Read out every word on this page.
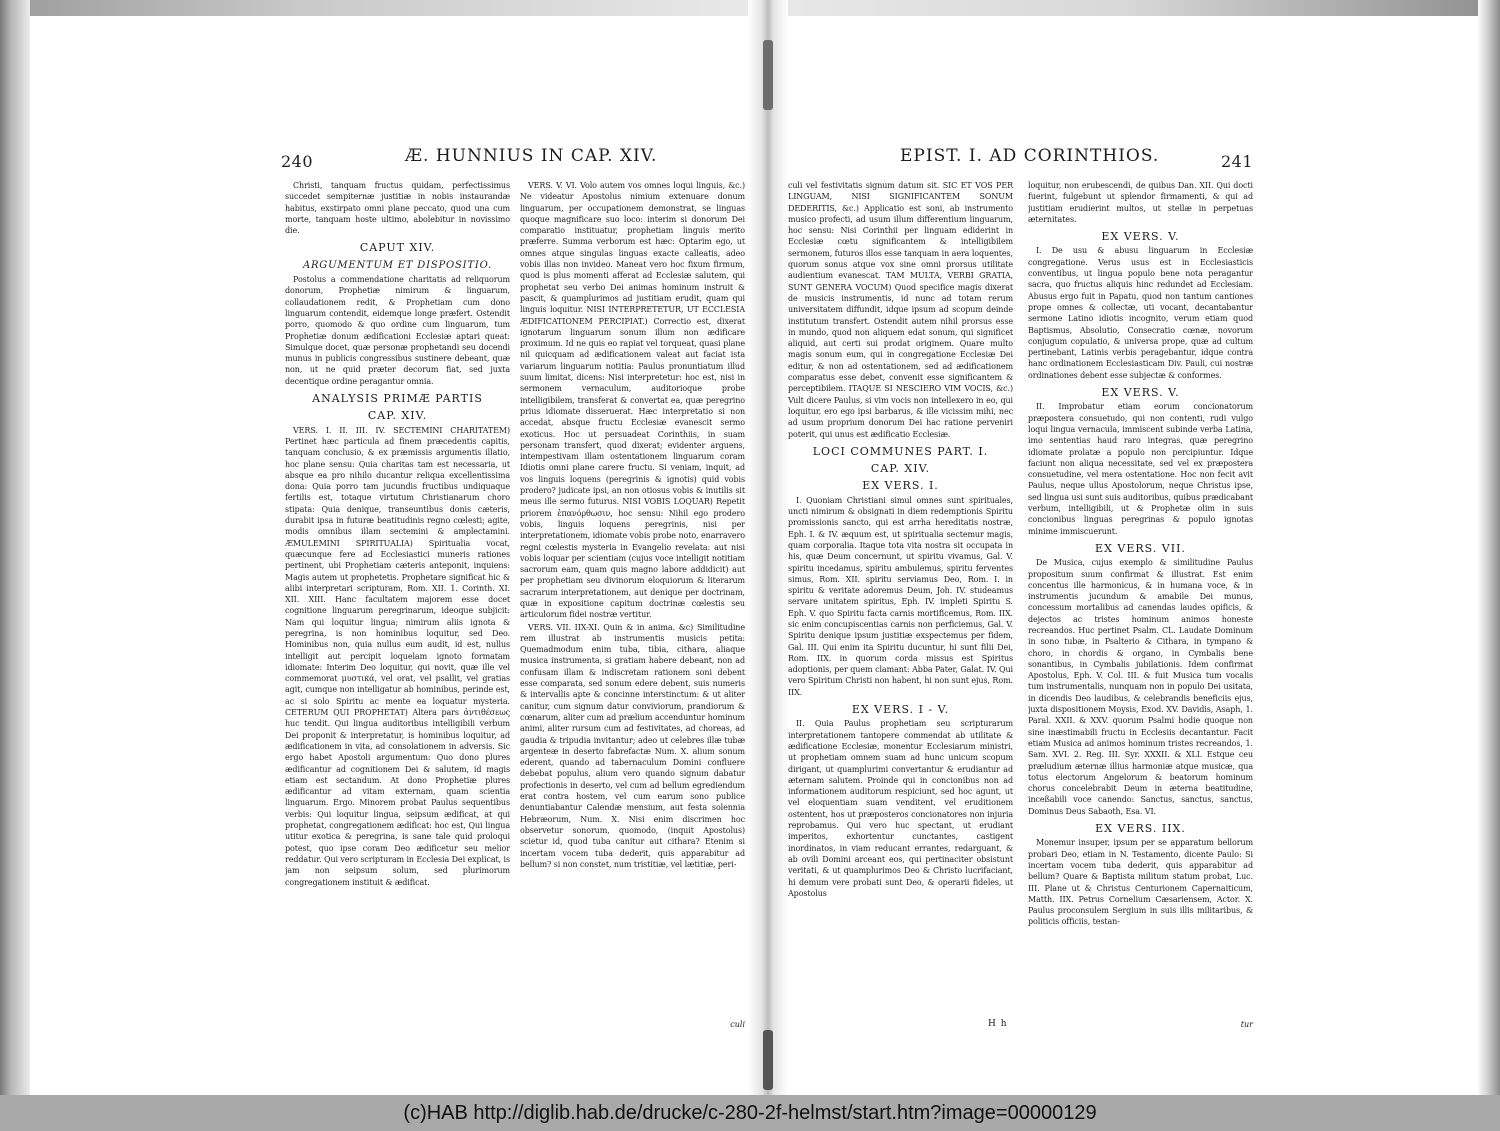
240	Æ. HUNNIUS IN CAP. XIV.

Christi, tanquam fructus quidam, perfectissimus succedet sempiternæ justitiæ in nobis instaurandæ habitus, exstirpato omni plane peccato, quod una cum morte, tanquam hoste ultimo, abolebitur in novissimo die.

CAPUT XIV.
ARGUMENTUM ET DISPOSITIO.

Postolus a commendatione charitatis ad reliquorum donorum, Prophetiæ nimirum & linguarum, collaudationem redit, & Prophetiam cum dono linguarum contendit, eidemque longe præfert. Ostendit porro, quomodo & quo ordine cum linguarum, tum Prophetiæ donum ædificationi Ecclesiæ aptari queat: Simulque docet, quæ personæ prophetandi seu docendi munus in publicis congressibus sustinere debeant, quæ non, ut ne quid præter decorum fiat, sed juxta decentique ordine peragantur omnia.

ANALYSIS PRIMÆ PARTIS
CAP. XIV.

VERS. I. II. III. IV. SECTEMINI CHARITATEM) Pertinet hæc particula ad finem præcedentis capitis, tanquam conclusio, & ex præmissis argumentis illatio, hoc plane sensu: Quia charitas tam est necessaria, ut absque ea pro nihilo ducantur reliqua excellentissima dona: Quia porro tam jucundis fructibus undiquaque fertilis est, totaque virtutum Christianarum choro stipata: Quia denique, transeuntibus donis cæteris, durabit ipsa in futuræ beatitudinis regno cœlesti; agite, modis omnibus illam sectemini & amplectamini. ÆMULEMINI SPIRITUALIA) Spiritualia vocat, quæcunque fere ad Ecclesiastici muneris rationes pertinent, ubi Prophetiam cæteris anteponit, inquiens: Magis autem ut prophetetis. Prophetare significat hic & alibi interpretari scripturam, Rom. XII. 1. Corinth. XI. XII. XIII. Hanc facultatem majorem esse docet cognitione linguarum peregrinarum, ideoque subjicit: Nam qui loquitur lingua; nimirum aliis ignota & peregrina, is non hominibus loquitur, sed Deo. Hominibus non, quia nullus eum audit, id est, nullus intelligit aut percipit loquelam ignoto formatam idiomate: Interim Deo loquitur, qui novit, quæ ille vel commemorat μυστικά, vel orat, vel psallit, vel gratias agit, cumque non intelligatur ab hominibus, perinde est, ac si solo Spiritu ac mente ea loquatur mysteria. CETERUM QUI PROPHETAT) Altera pars ἀντιθέσεως huc tendit. Qui lingua auditoribus intelligibili verbum Dei proponit & interpretatur, is hominibus loquitur, ad ædificationem in vita, ad consolationem in adversis. Sic ergo habet Apostoli argumentum: Quo dono plures ædificantur ad cognitionem Dei & salutem, id magis etiam est sectandum. At dono Prophetiæ plures ædificantur ad vitam externam, quam scientia linguarum. Ergo. Minorem probat Paulus sequentibus verbis: Qui loquitur lingua, seipsum ædificat, at qui prophetat, congregationem ædificat: hoc est, Qui lingua utitur exotica & peregrina, is sane tale quid proloqui potest, quo ipse coram Deo ædificetur seu melior reddatur. Qui vero scripturam in Ecclesia Dei explicat, is jam non seipsum solum, sed plurimorum congregationem instituit & ædificat.

VERS. V. VI. Volo autem vos omnes loqui linguis, &c.) Ne videatur Apostolus nimium extenuare donum linguarum, per occupationem demonstrat, se linguas quoque magnificare suo loco: interim si donorum Dei comparatio instituatur, prophetiam linguis merito præferre. Summa verborum est hæc: Optarim ego, ut omnes atque singulas linguas exacte calleatis, adeo vobis illas non invideo. Maneat vero hoc fixum firmum, quod is plus momenti afferat ad Ecclesiæ salutem, qui prophetat seu verbo Dei animas hominum instruit & pascit, & quamplurimos ad justitiam erudit, quam qui linguis loquitur. NISI INTERPRETETUR, UT ECCLESIA ÆDIFICATIONEM PERCIPIAT.) Correctio est, dixerat ignotarum linguarum sonum illum non ædificare proximum. Id ne quis eo rapiat vel torqueat, quasi plane nil quicquam ad ædificationem valeat aut faciat ista variarum linguarum notitia: Paulus pronuntiatum illud suum limitat, dicens: Nisi interpretetur: hoc est, nisi in sermonem vernaculum, auditorioque probe intelligibilem, transferat & convertat ea, quæ peregrino prius idiomate disseruerat. Hæc interpretatio si non accedat, absque fructu Ecclesiæ evanescit sermo exoticus. Hoc ut persuadeat Corinthiis, in suam personam transfert, quod dixerat; evidenter arguens, intempestivam illam ostentationem linguarum coram Idiotis omni plane carere fructu. Si veniam, inquit, ad vos linguis loquens (peregrinis & ignotis) quid vobis prodero? judicate ipsi, an non otiosus vobis & inutilis sit meus ille sermo futurus. NISI VOBIS LOQUAR) Repetit priorem ἐπανόρθωσιν, hoc sensu: Nihil ego prodero vobis, linguis loquens peregrinis, nisi per interpretationem, idiomate vobis probe noto, enarravero regni cœlestis mysteria in Evangelio revelata: aut nisi vobis loquar per scientiam (cujus voce intelligit notitiam sacrorum eam, quam quis magno labore addidicit) aut per prophetiam seu divinorum eloquiorum & literarum sacrarum interpretationem, aut denique per doctrinam, quæ in expositione capitum doctrinæ cœlestis seu articulorum fidei nostræ vertitur.

VERS. VII. IIX-XI. Quin & in anima. &c) Similitudine rem illustrat ab instrumentis musicis petita: Quemadmodum enim tuba, tibia, cithara, aliaque musica instrumenta, si gratiam habere debeant, non ad confusam illam & indiscretam rationem soni debent esse comparata, sed sonum edere debent, suis numeris & intervallis apte & concinne interstinctum: & ut aliter canitur, cum signum datur conviviorum, prandiorum & cœnarum, aliter cum ad prælium accenduntur hominum animi, aliter rursum cum ad festivitates, ad choreas, ad gaudia & tripudia invitantur; adeo ut celebres illæ tubæ argenteæ in deserto fabrefactæ Num. X. alium sonum ederent, quando ad tabernaculum Domini confluere debebat populus, alium vero quando signum dabatur profectionis in deserto, vel cum ad bellum egrediendum erat contra hostem, vel cum earum sono publice denuntiabantur Calendæ mensium, aut festa solennia Hebræorum, Num. X. Nisi enim discrimen hoc observetur sonorum, quomodo, (inquit Apostolus) scietur id, quod tuba canitur aut cithara? Etenim si incertam vocem tuba dederit, quis apparabitur ad bellum? si non constet, num tristitiæ, vel lætitiæ, peri-

culi
EPIST. I. AD CORINTHIOS.	241

culi vel festivitatis signum datum sit. SIC ET VOS PER LINGUAM, NISI SIGNIFICANTEM SONUM DEDERITIS, &c.) Applicatio est soni, ab instrumento musico profecti, ad usum illum differentium linguarum, hoc sensu: Nisi Corinthii per linguam ediderint in Ecclesiæ cœtu significantem & intelligibilem sermonem, futuros illos esse tanquam in aera loquentes, quorum sonus atque vox sine omni prorsus utilitate audientium evanescat. TAM MULTA, VERBI GRATIA, SUNT GENERA VOCUM) Quod specifice magis dixerat de musicis instrumentis, id nunc ad totam rerum universitatem diffundit, idque ipsum ad scopum deinde institutum transfert. Ostendit autem nihil prorsus esse in mundo, quod non aliquem edat sonum, qui significet aliquid, aut certi sui prodat originem. Quare multo magis sonum eum, qui in congregatione Ecclesiæ Dei editur, & non ad ostentationem, sed ad ædificationem comparatus esse debet, convenit esse significantem & perceptibilem. ITAQUE SI NESCIERO VIM VOCIS, &c.) Vult dicere Paulus, si vim vocis non intellexero in eo, qui loquitur, ero ego ipsi barbarus, & ille vicissim mihi, nec ad usum proprium donorum Dei hac ratione perveniri poterit, qui unus est ædificatio Ecclesiæ.

LOCI COMMUNES PART. I.
CAP. XIV.
EX VERS. I.

I. Quoniam Christiani simul omnes sunt spirituales, uncti nimirum & obsignati in diem redemptionis Spiritu promissionis sancto, qui est arrha hereditatis nostræ, Eph. I. & IV. æquum est, ut spiritualia sectemur magis, quam corporalia. Itaque tota vita nostra sit occupata in his, quæ Deum concernunt, ut spiritu vivamus, Gal. V. spiritu incedamus, spiritu ambulemus, spiritu ferventes simus, Rom. XII. spiritu serviamus Deo, Rom. I. in spiritu & veritate adoremus Deum, Joh. IV. studeamus servare unitatem spiritus, Eph. IV. impleti Spiritu S. Eph. V. quo Spiritu facta carnis mortificemus, Rom. IIX. sic enim concupiscentias carnis non perficiemus, Gal. V. Spiritu denique ipsum justitiæ exspectemus per fidem, Gal. III. Qui enim ita Spiritu ducuntur, hi sunt filii Dei, Rom. IIX. in quorum corda missus est Spiritus adoptionis, per quem clamant: Abba Pater, Galat. IV. Qui vero Spiritum Christi non habent, hi non sunt ejus, Rom. IIX.

EX VERS. I - V.

II. Quia Paulus prophetiam seu scripturarum interpretationem tantopere commendat ab utilitate & ædificatione Ecclesiæ, monentur Ecclesiarum ministri, ut prophetiam omnem suam ad hunc unicum scopum dirigant, ut quamplurimi convertantur & erudiantur ad æternam salutem. Proinde qui in concionibus non ad informationem auditorum respiciunt, sed hoc agunt, ut vel eloquentiam suam venditent, vel eruditionem ostentent, hos ut præposteros concionatores non injuria reprobamus. Qui vero huc spectant, ut erudiant imperitos, exhortentur cunctantes, castigent inordinatos, in viam reducant errantes, redarguant, & ab ovili Domini arceant eos, qui pertinaciter obsistunt veritati, & ut quamplurimos Deo & Christo lucrifaciant, hi demum vere probati sunt Deo, & operarii fideles, ut Apostolus

loquitur, non erubescendi, de quibus Dan. XII. Qui docti fuerint, fulgebunt ut splendor firmamenti, & qui ad justitiam erudierint multos, ut stellæ in perpetuas æternitates.

EX VERS. V.

I. De usu & abusu linguarum in Ecclesiæ congregatione. Verus usus est in Ecclesiasticis conventibus, ut lingua populo bene nota peragantur sacra, quo fructus aliquis hinc redundet ad Ecclesiam. Abusus ergo fuit in Papatu, quod non tantum cantiones prope omnes & collectæ, uti vocant, decantabantur sermone Latino idiotis incognito, verum etiam quod Baptismus, Absolutio, Consecratio cœnæ, novorum conjugum copulatio, & universa prope, quæ ad cultum pertinebant, Latinis verbis peragebantur, idque contra hanc ordinationem Ecclesiasticam Div. Pauli, cui nostræ ordinationes debent esse subjectæ & conformes.

EX VERS. V.

II. Improbatur etiam eorum concionatorum præpostera consuetudo, qui non contenti, rudi vulgo loqui lingua vernacula, immiscent subinde verba Latina, imo sententias haud raro integras, quæ peregrino idiomate prolatæ a populo non percipiuntur. Idque faciunt non aliqua necessitate, sed vel ex præpostera consuetudine, vel mera ostentatione. Hoc non fecit avit Paulus, neque ullus Apostolorum, neque Christus ipse, sed lingua usi sunt suis auditoribus, quibus prædicabant verbum, intelligibili, ut & Prophetæ olim in suis concionibus linguas peregrinas & populo ignotas minime immiscuerunt.

EX VERS. VII.

De Musica, cujus exemplo & similitudine Paulus propositum suum confirmat & illustrat. Est enim concentus ille harmonicus, & in humana voce, & in instrumentis jucundum & amabile Dei munus, concessum mortalibus ad canendas laudes opificis, & dejectos ac tristes hominum animos honeste recreandos. Huc pertinet Psalm. CL. Laudate Dominum in sono tubæ, in Psalterio & Cithara, in tympano & choro, in chordis & organo, in Cymbalis bene sonantibus, in Cymbalis jubilationis. Idem confirmat Apostolus, Eph. V. Col. III. & fuit Musica tum vocalis tum instrumentalis, nunquam non in populo Dei usitata, in dicendis Deo laudibus, & celebrandis beneficiis ejus, juxta dispositionem Moysis, Exod. XV. Davidis, Asaph, 1. Paral. XXII. & XXV. quorum Psalmi hodie quoque non sine inæstimabili fructu in Ecclesiis decantantur. Facit etiam Musica ad animos hominum tristes recreandos, 1. Sam. XVI. 2. Reg. III. Syr. XXXII. & XLI. Estque ceu præludium æternæ illius harmoniæ atque musicæ, qua totus electorum Angelorum & beatorum hominum chorus concelebrabit Deum in æterna beatitudine, inceßabili voce canendo: Sanctus, sanctus, sanctus, Dominus Deus Sabaoth, Esa. VI.

EX VERS. IIX.

Monemur insuper, ipsum per se apparatum bellorum probari Deo, etiam in N. Testamento, dicente Paulo: Si incertam vocem tuba dederit, quis apparabitur ad bellum? Quare & Baptista militum statum probat, Luc. III. Plane ut & Christus Centurionem Capernaiticum, Matth. IIX. Petrus Cornelium Cæsariensem, Actor. X. Paulus proconsulem Sergium in suis illis militaribus, & politicis officiis, testan-

H h	tur
(c)HAB http://diglib.hab.de/drucke/c-280-2f-helmst/start.htm?image=00000129
